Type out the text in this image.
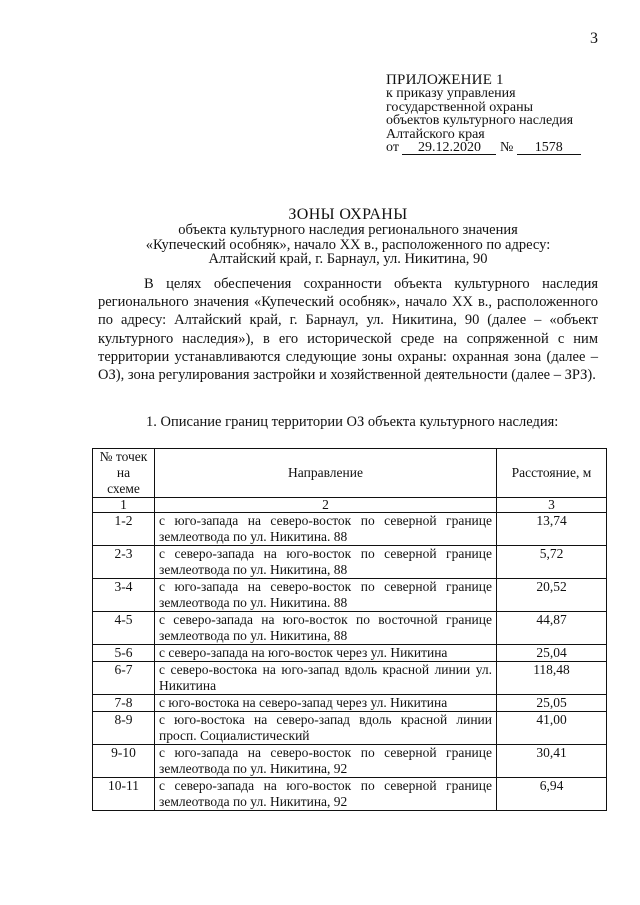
3
ПРИЛОЖЕНИЕ 1
к приказу управления
государственной охраны
объектов культурного наследия
Алтайского края
от 29.12.2020 № 1578
ЗОНЫ ОХРАНЫ
объекта культурного наследия регионального значения
«Купеческий особняк», начало XX в., расположенного по адресу:
Алтайский край, г. Барнаул, ул. Никитина, 90
В целях обеспечения сохранности объекта культурного наследия регионального значения «Купеческий особняк», начало XX в., расположенного по адресу: Алтайский край, г. Барнаул, ул. Никитина, 90 (далее – «объект культурного наследия»), в его исторической среде на сопряженной с ним территории устанавливаются следующие зоны охраны: охранная зона (далее – ОЗ), зона регулирования застройки и хозяйственной деятельности (далее – ЗРЗ).
1. Описание границ территории ОЗ объекта культурного наследия:
№ точек
на
схеме	Направление	Расстояние, м
1	2	3
1-2	с юго-запада на северо-восток по северной границе землеотвода по ул. Никитина. 88	13,74
2-3	с северо-запада на юго-восток по северной границе землеотвода по ул. Никитина, 88	5,72
3-4	с юго-запада на северо-восток по северной границе землеотвода по ул. Никитина. 88	20,52
4-5	с северо-запада на юго-восток по восточной границе землеотвода по ул. Никитина, 88	44,87
5-6	с северо-запада на юго-восток через ул. Никитина	25,04
6-7	с северо-востока на юго-запад вдоль красной линии ул. Никитина	118,48
7-8	с юго-востока на северо-запад через ул. Никитина	25,05
8-9	с юго-востока на северо-запад вдоль красной линии просп. Социалистический	41,00
9-10	с юго-запада на северо-восток по северной границе землеотвода по ул. Никитина, 92	30,41
10-11	с северо-запада на юго-восток по северной границе землеотвода по ул. Никитина, 92	6,94
